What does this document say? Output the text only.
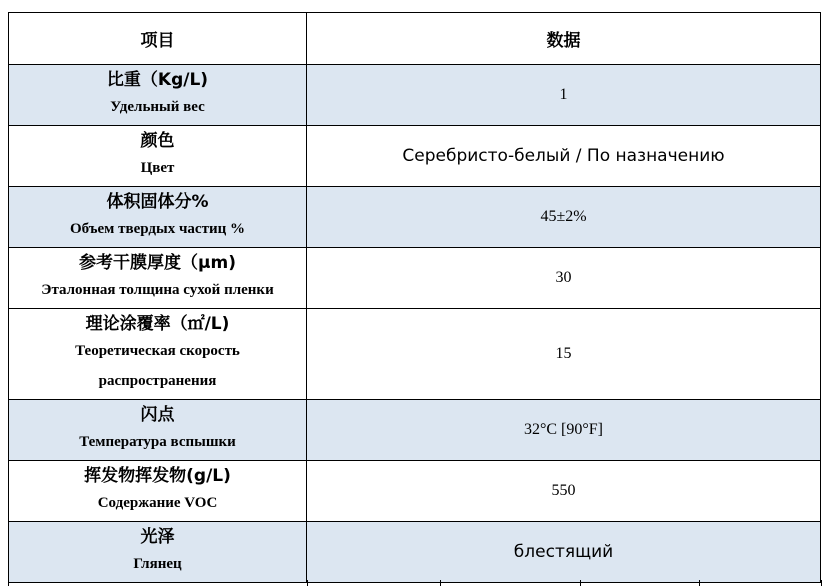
项目	数据

比重（Kg/L)
Удельный вес	1

颜色
Цвет	Серебристо-белый / По назначению

体积固体分%
Объем твердых частиц %	45±2%

参考干膜厚度（μm)
Эталонная толщина сухой пленки	30

理论涂覆率（㎡/L)
Теоретическая скорость
распространения	15

闪点
Температура вспышки	32°C [90°F]

挥发物挥发物(g/L)
Содержание VOC	550

光泽
Глянец	блестящий
